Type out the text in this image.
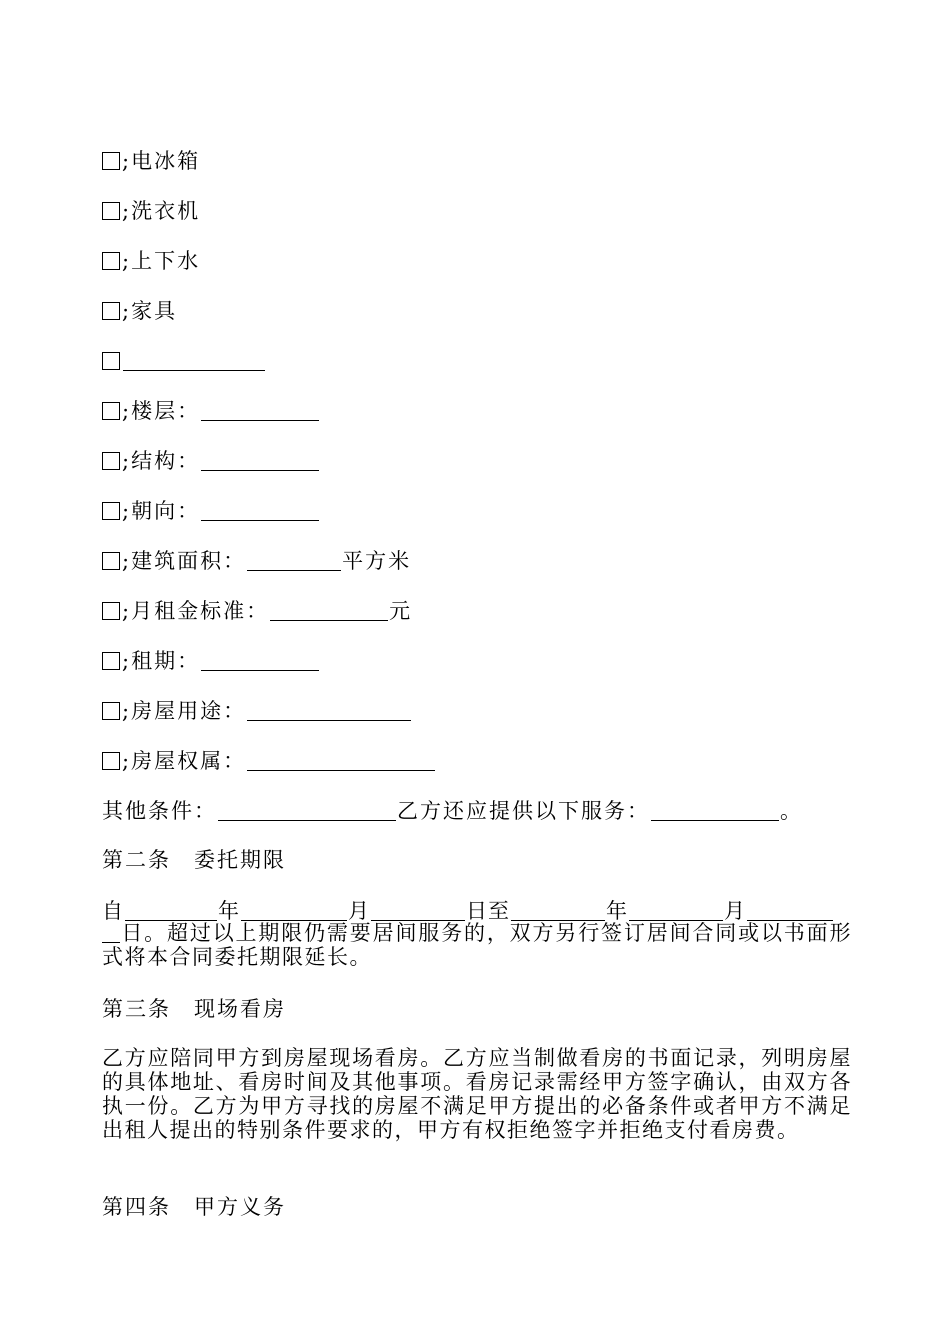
;电冰箱
;洗衣机
;上下水
;家具
;楼层：
;结构：
;朝向：
;建筑面积：	平方米
;月租金标准：	元
;租期：
;房屋用途：
;房屋权属：
其他条件：	乙方还应提供以下服务：	。
第二条　委托期限
自	年	月	日至	年	月
日。超过以上期限仍需要居间服务的，双方另行签订居间合同或以书面形式将本合同委托期限延长。
第三条　现场看房
乙方应陪同甲方到房屋现场看房。乙方应当制做看房的书面记录，列明房屋的具体地址、看房时间及其他事项。看房记录需经甲方签字确认，由双方各执一份。乙方为甲方寻找的房屋不满足甲方提出的必备条件或者甲方不满足出租人提出的特别条件要求的，甲方有权拒绝签字并拒绝支付看房费。
第四条　甲方义务
